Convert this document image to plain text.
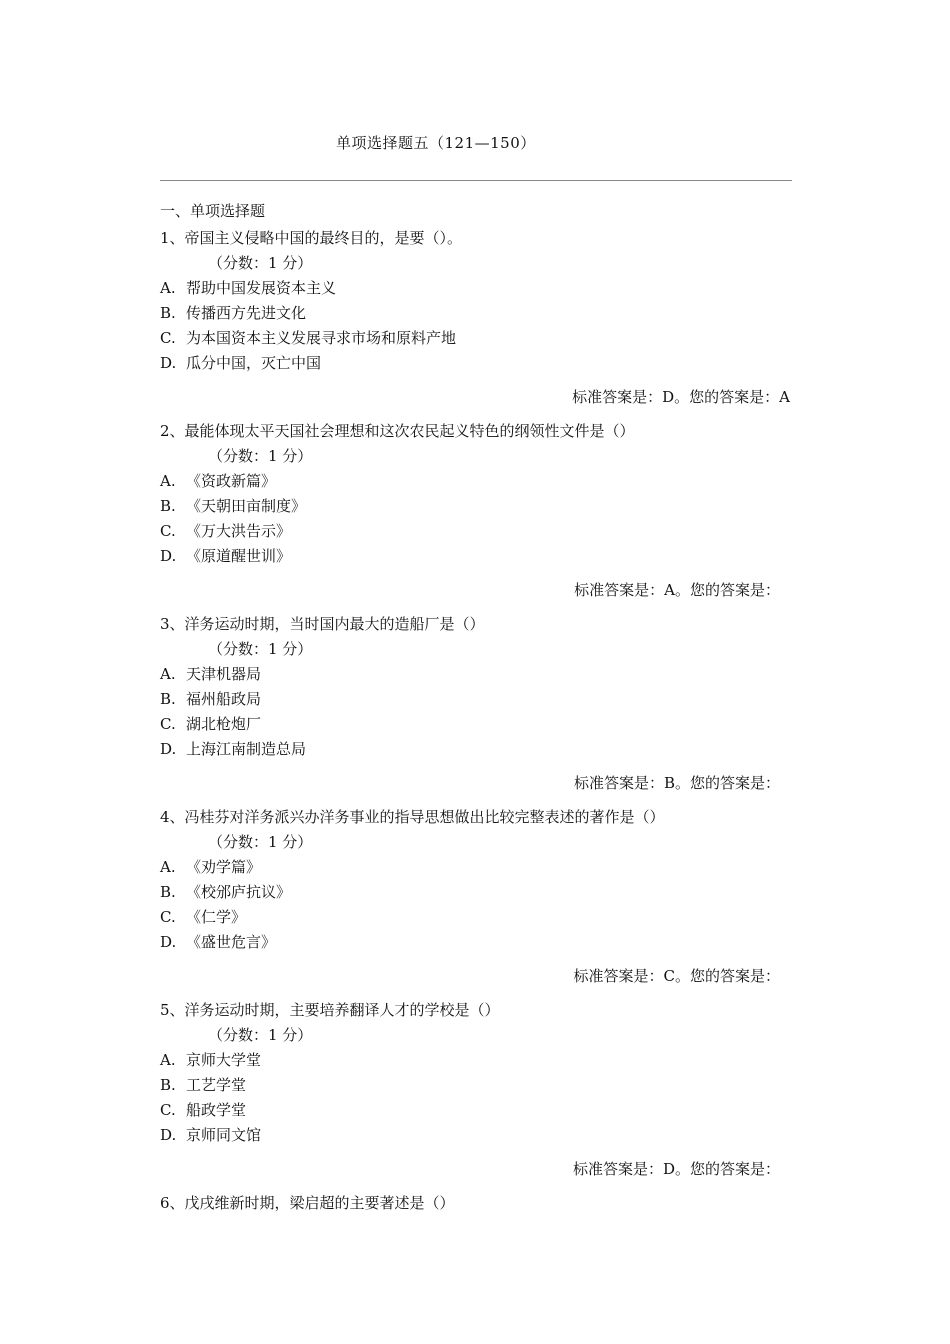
单项选择题五（121—150）
一、单项选择题
1、帝国主义侵略中国的最终目的，是要（）。
（分数：1 分）
A. 帮助中国发展资本主义
B. 传播西方先进文化
C. 为本国资本主义发展寻求市场和原料产地
D. 瓜分中国，灭亡中国
标准答案是：D。您的答案是：A
2、最能体现太平天国社会理想和这次农民起义特色的纲领性文件是（）
（分数：1 分）
A. 《资政新篇》
B. 《天朝田亩制度》
C. 《万大洪告示》
D. 《原道醒世训》
标准答案是：A。您的答案是：
3、洋务运动时期，当时国内最大的造船厂是（）
（分数：1 分）
A. 天津机器局
B. 福州船政局
C. 湖北枪炮厂
D. 上海江南制造总局
标准答案是：B。您的答案是：
4、冯桂芬对洋务派兴办洋务事业的指导思想做出比较完整表述的著作是（）
（分数：1 分）
A. 《劝学篇》
B. 《校邠庐抗议》
C. 《仁学》
D. 《盛世危言》
标准答案是：C。您的答案是：
5、洋务运动时期，主要培养翻译人才的学校是（）
（分数：1 分）
A. 京师大学堂
B. 工艺学堂
C. 船政学堂
D. 京师同文馆
标准答案是：D。您的答案是：
6、戊戌维新时期，梁启超的主要著述是（）
